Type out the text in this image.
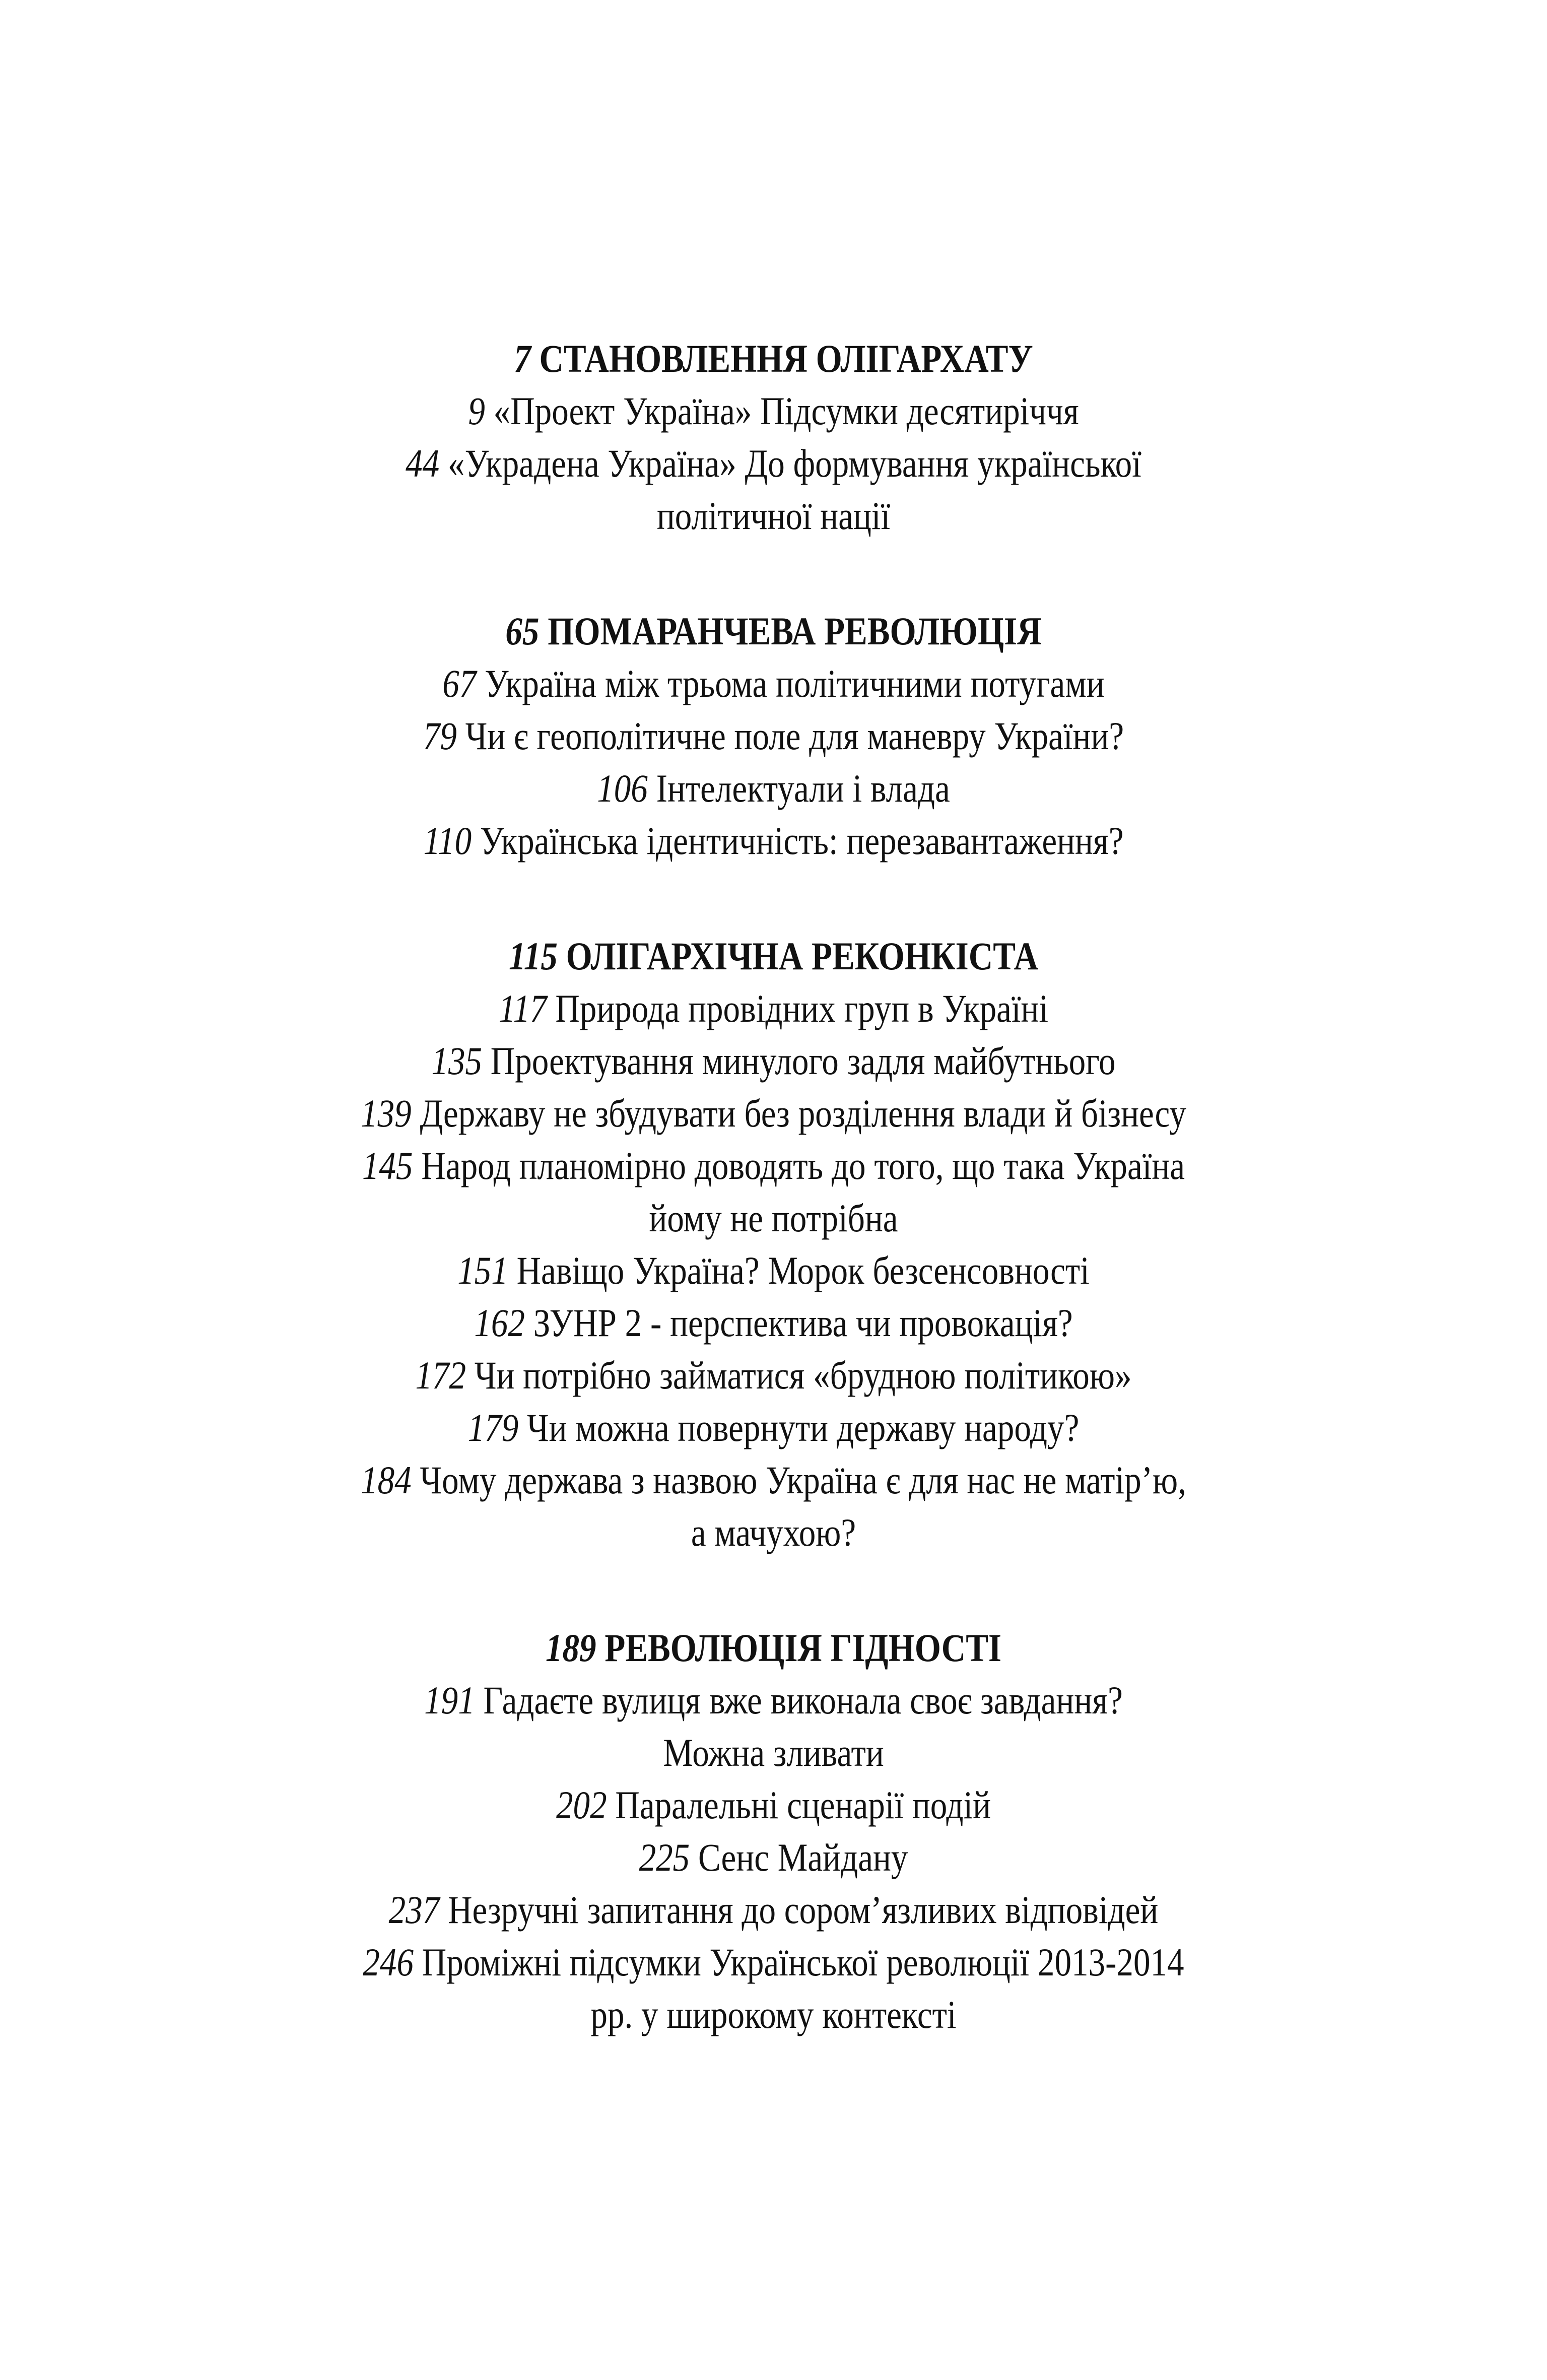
7 СТАНОВЛЕННЯ ОЛІГАРХАТУ
9 «Проект Україна» Підсумки десятиріччя
44 «Украдена Україна» До формування української
політичної нації
65 ПОМАРАНЧЕВА РЕВОЛЮЦІЯ
67 Україна між трьома політичними потугами
79 Чи є геополітичне поле для маневру України?
106 Інтелектуали і влада
110 Українська ідентичність: перезавантаження?
115 ОЛІГАРХІЧНА РЕКОНКІСТА
117 Природа провідних груп в Україні
135 Проектування минулого задля майбутнього
139 Державу не збудувати без розділення влади й бізнесу
145 Народ планомірно доводять до того, що така Україна
йому не потрібна
151 Навіщо Україна? Морок безсенсовності
162 ЗУНР 2 - перспектива чи провокація?
172 Чи потрібно займатися «брудною політикою»
179 Чи можна повернути державу народу?
184 Чому держава з назвою Україна є для нас не матір’ю,
а мачухою?
189 РЕВОЛЮЦІЯ ГІДНОСТІ
191 Гадаєте вулиця вже виконала своє завдання?
Можна зливати
202 Паралельні сценарії подій
225 Сенс Майдану
237 Незручні запитання до сором’язливих відповідей
246 Проміжні підсумки Української революції 2013-2014
рр. у широкому контексті
